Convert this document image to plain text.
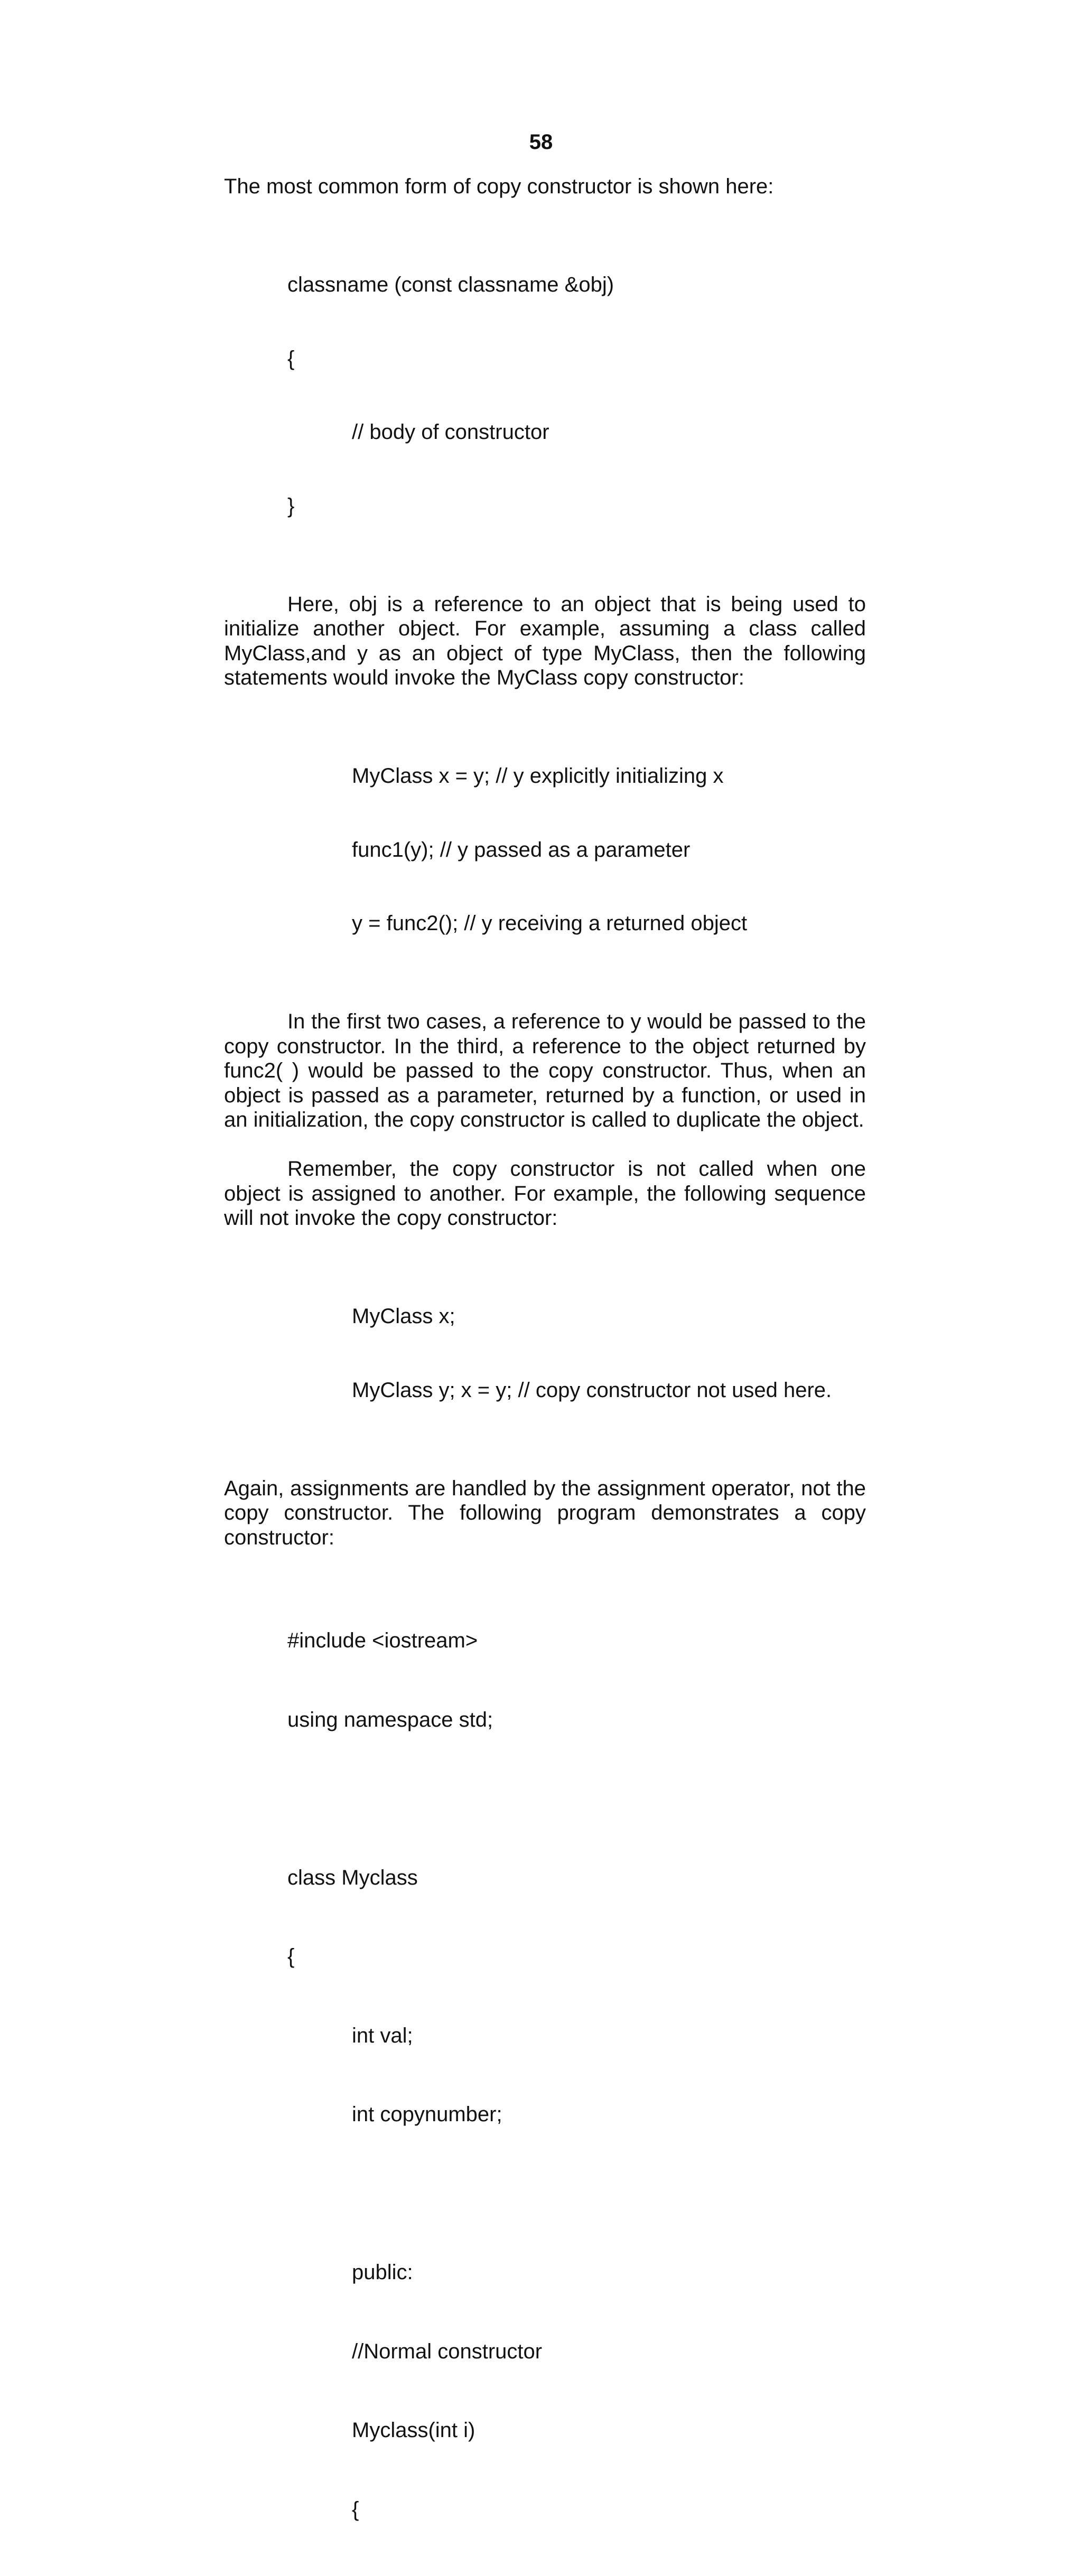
58

The most common form of copy constructor is shown here:

classname (const classname &obj)

{

// body of constructor

}

Here, obj is a reference to an object that is being used to initialize another object. For example, assuming a class called MyClass,and y as an object of type MyClass, then the following statements would invoke the MyClass copy constructor:

MyClass x = y; // y explicitly initializing x

func1(y); // y passed as a parameter

y = func2(); // y receiving a returned object

In the first two cases, a reference to y would be passed to the copy constructor. In the third, a reference to the object returned by func2( ) would be passed to the copy constructor. Thus, when an object is passed as a parameter, returned by a function, or used in an initialization, the copy constructor is called to duplicate the object.

Remember, the copy constructor is not called when one object is assigned to another. For example, the following sequence will not invoke the copy constructor:

MyClass x;

MyClass y; x = y; // copy constructor not used here.

Again, assignments are handled by the assignment operator, not the copy constructor. The following program demonstrates a copy constructor:

#include <iostream>

using namespace std;

class Myclass

{

int val;

int copynumber;

public:

//Normal constructor

Myclass(int i)

{
